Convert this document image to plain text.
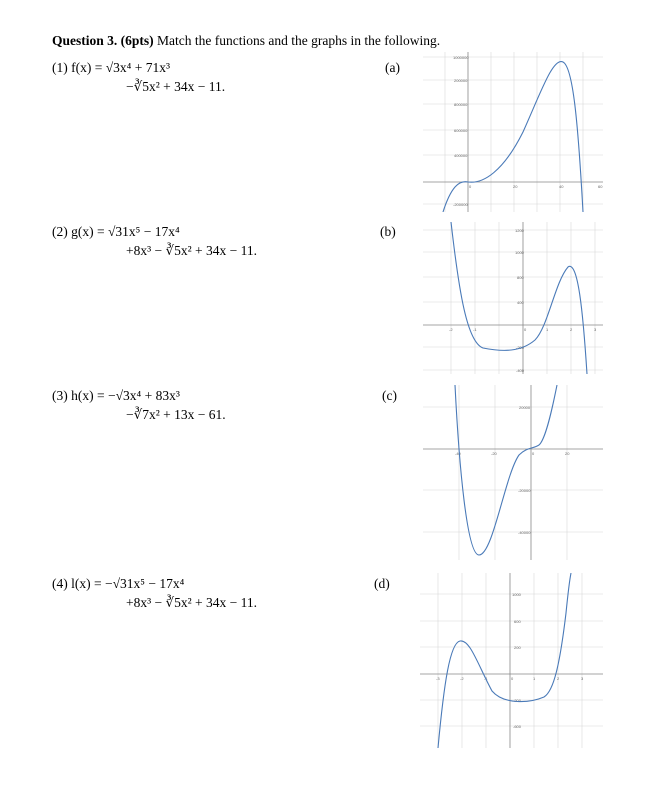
Question 3. (6pts) Match the functions and the graphs in the following.
(1) f(x) = √3x⁴ + 71x³
−∛5x² + 34x − 11.
(a)
(2) g(x) = √31x⁵ − 17x⁴
+8x³ − ∛5x² + 34x − 11.
(b)
(3) h(x) = −√3x⁴ + 83x³
−∛7x² + 13x − 61.
(c)
(4) l(x) = −√31x⁵ − 17x⁴
+8x³ − ∛5x² + 34x − 11.
(d)
1000000
800000
600000
400000
200000
-200000
0	20	40	60
1200
1000
800
400
-200
-400
-2	-1	0	1	2	3
20000
-20000
-40000
-40	-20	0	20
1000
600
200
-200
-600
-3	-2	-1	0	1	2	3
